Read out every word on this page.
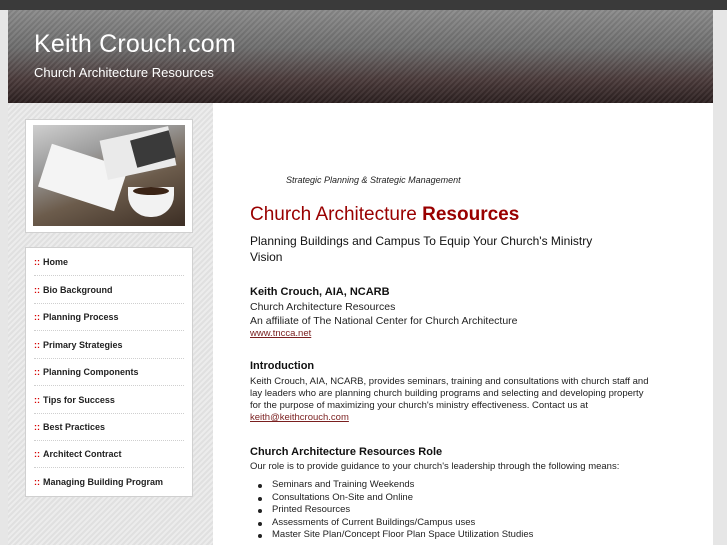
Keith Crouch.com
Church Architecture Resources
:: Home
:: Bio Background
:: Planning Process
:: Primary Strategies
:: Planning Components
:: Tips for Success
:: Best Practices
:: Architect Contract
:: Managing Building Program
Strategic Planning & Strategic Management
Church Architecture Resources
Planning Buildings and Campus To Equip Your Church's Ministry Vision
Keith Crouch, AIA, NCARB
Church Architecture Resources
An affiliate of The National Center for Church Architecture
www.tncca.net
Introduction
Keith Crouch, AIA, NCARB, provides seminars, training and consultations with church staff and lay leaders who are planning church building programs and selecting and developing property for the purpose of maximizing your church's ministry effectiveness. Contact us at keith@keithcrouch.com
Church Architecture Resources Role
Our role is to provide guidance to your church's leadership through the following means:
Seminars and Training Weekends
Consultations On-Site and Online
Printed Resources
Assessments of Current Buildings/Campus uses
Master Site Plan/Concept Floor Plan Space Utilization Studies
